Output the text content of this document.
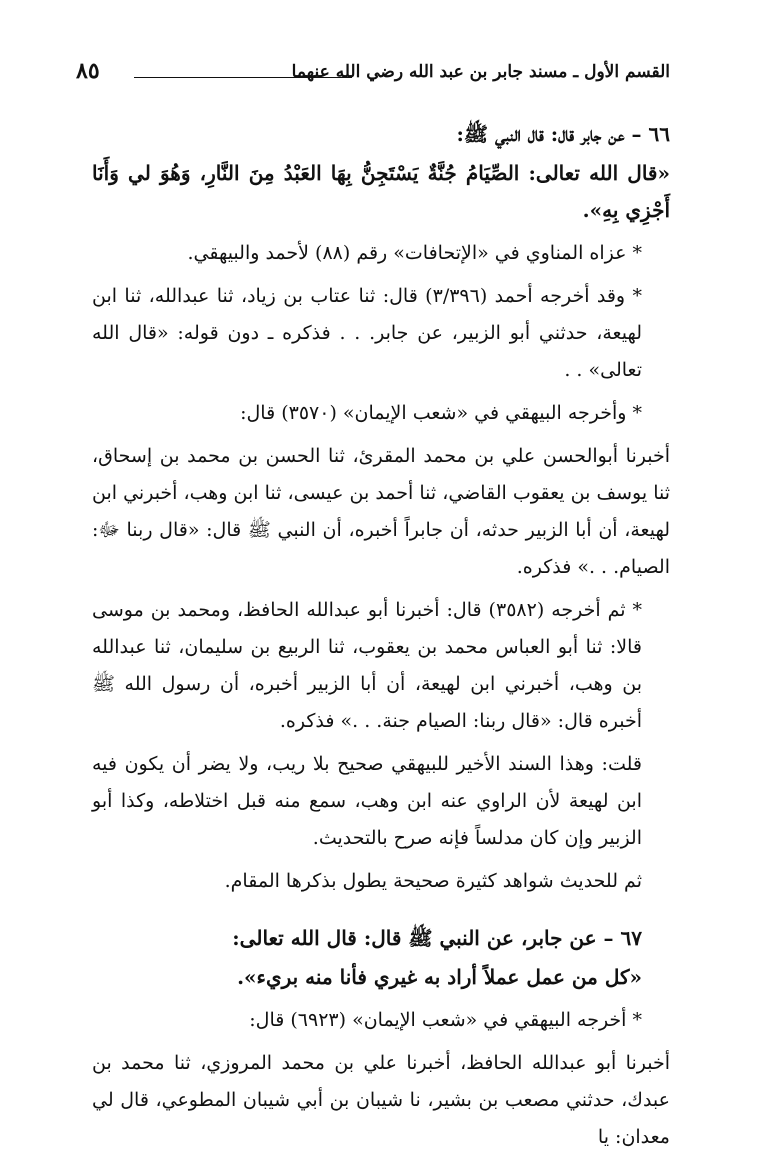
القسم الأول ـ مسند جابر بن عبد الله رضي الله عنهما
٨٥

٦٦ – عن جابر قال: قال النبي ﷺ:

«قال الله تعالى: الصِّيَامُ جُنَّةٌ يَسْتَجِنُّ بِهَا العَبْدُ مِنَ النَّارِ، وَهُوَ لي وَأَنَا أَجْزِي بِهِ».

* عزاه المناوي في «الإتحافات» رقم (٨٨) لأحمد والبيهقي.

* وقد أخرجه أحمد (٣/٣٩٦) قال: ثنا عتاب بن زياد، ثنا عبدالله، ثنا ابن لهيعة، حدثني أبو الزبير، عن جابر. . . فذكره ـ دون قوله: «قال الله تعالى» . .

* وأخرجه البيهقي في «شعب الإيمان» (٣٥٧٠) قال:

أخبرنا أبوالحسن علي بن محمد المقرئ، ثنا الحسن بن محمد بن إسحاق، ثنا يوسف بن يعقوب القاضي، ثنا أحمد بن عيسى، ثنا ابن وهب، أخبرني ابن لهيعة، أن أبا الزبير حدثه، أن جابراً أخبره، أن النبي ﷺ قال: «قال ربنا ﷻ: الصيام. . .» فذكره.

* ثم أخرجه (٣٥٨٢) قال: أخبرنا أبو عبدالله الحافظ، ومحمد بن موسى قالا: ثنا أبو العباس محمد بن يعقوب، ثنا الربيع بن سليمان، ثنا عبدالله بن وهب، أخبرني ابن لهيعة، أن أبا الزبير أخبره، أن رسول الله ﷺ أخبره قال: «قال ربنا: الصيام جنة. . .» فذكره.

قلت: وهذا السند الأخير للبيهقي صحيح بلا ريب، ولا يضر أن يكون فيه ابن لهيعة لأن الراوي عنه ابن وهب، سمع منه قبل اختلاطه، وكذا أبو الزبير وإن كان مدلساً فإنه صرح بالتحديث.

ثم للحديث شواهد كثيرة صحيحة يطول بذكرها المقام.

٦٧ – عن جابر، عن النبي ﷺ قال: قال الله تعالى:

«كل من عمل عملاً أراد به غيري فأنا منه بريء».

* أخرجه البيهقي في «شعب الإيمان» (٦٩٢٣) قال:

أخبرنا أبو عبدالله الحافظ، أخبرنا علي بن محمد المروزي، ثنا محمد بن عبدك، حدثني مصعب بن بشير، نا شيبان بن أبي شيبان المطوعي، قال لي معدان: يا
